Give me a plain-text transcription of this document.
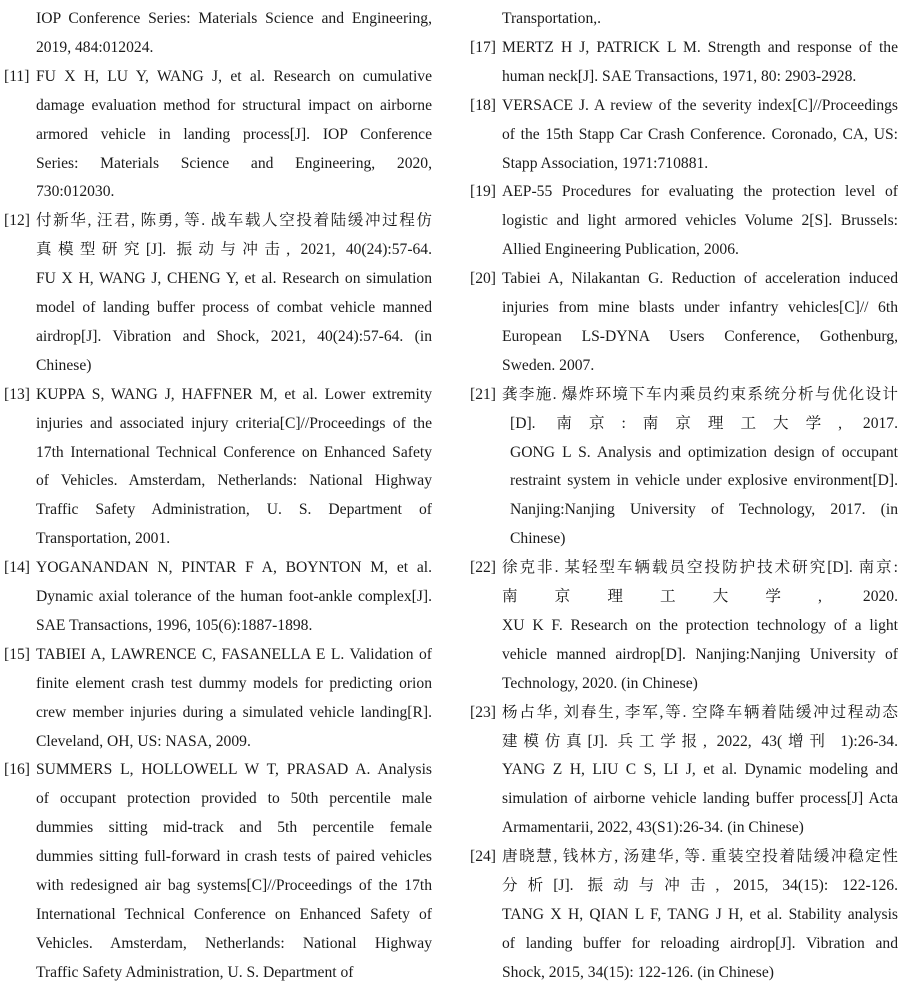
IOP Conference Series: Materials Science and Engineering,
2019, 484:012024.
[11] FU X H, LU Y, WANG J, et al. Research on cumulative
damage evaluation method for structural impact on airborne
armored vehicle in landing process[J]. IOP Conference
Series: Materials Science and Engineering, 2020,
730:012030.
[12] 付新华, 汪君, 陈勇, 等. 战车载人空投着陆缓冲过程仿
真模型研究[J]. 振动与冲击, 2021, 40(24):57-64.
FU X H, WANG J, CHENG Y, et al. Research on simulation
model of landing buffer process of combat vehicle manned
airdrop[J]. Vibration and Shock, 2021, 40(24):57-64. (in
Chinese)
[13] KUPPA S, WANG J, HAFFNER M, et al. Lower extremity
injuries and associated injury criteria[C]//Proceedings of the
17th International Technical Conference on Enhanced Safety
of Vehicles. Amsterdam, Netherlands: National Highway
Traffic Safety Administration, U. S. Department of
Transportation, 2001.
[14] YOGANANDAN N, PINTAR F A, BOYNTON M, et al.
Dynamic axial tolerance of the human foot-ankle complex[J].
SAE Transactions, 1996, 105(6):1887-1898.
[15] TABIEI A, LAWRENCE C, FASANELLA E L. Validation of
finite element crash test dummy models for predicting orion
crew member injuries during a simulated vehicle landing[R].
Cleveland, OH, US: NASA, 2009.
[16] SUMMERS L, HOLLOWELL W T, PRASAD A. Analysis
of occupant protection provided to 50th percentile male
dummies sitting mid-track and 5th percentile female
dummies sitting full-forward in crash tests of paired vehicles
with redesigned air bag systems[C]//Proceedings of the 17th
International Technical Conference on Enhanced Safety of
Vehicles. Amsterdam, Netherlands: National Highway
Traffic Safety Administration, U. S. Department of
Transportation,.
[17] MERTZ H J, PATRICK L M. Strength and response of the
human neck[J]. SAE Transactions, 1971, 80: 2903-2928.
[18] VERSACE J. A review of the severity index[C]//Proceedings
of the 15th Stapp Car Crash Conference. Coronado, CA, US:
Stapp Association, 1971:710881.
[19] AEP-55 Procedures for evaluating the protection level of
logistic and light armored vehicles Volume 2[S]. Brussels:
Allied Engineering Publication, 2006.
[20] Tabiei A, Nilakantan G. Reduction of acceleration induced
injuries from mine blasts under infantry vehicles[C]// 6th
European LS-DYNA Users Conference, Gothenburg,
Sweden. 2007.
[21] 龚李施. 爆炸环境下车内乘员约束系统分析与优化设计
[D]. 南京:南京理工大学, 2017.
GONG L S. Analysis and optimization design of occupant
restraint system in vehicle under explosive environment[D].
Nanjing:Nanjing University of Technology, 2017. (in
Chinese)
[22] 徐克非. 某轻型车辆载员空投防护技术研究[D]. 南京:
南京理工大学, 2020.
XU K F. Research on the protection technology of a light
vehicle manned airdrop[D]. Nanjing:Nanjing University of
Technology, 2020. (in Chinese)
[23] 杨占华, 刘春生, 李军,等. 空降车辆着陆缓冲过程动态
建模仿真[J]. 兵工学报, 2022, 43(增刊 1):26-34.
YANG Z H, LIU C S, LI J, et al. Dynamic modeling and
simulation of airborne vehicle landing buffer process[J] Acta
Armamentarii, 2022, 43(S1):26-34. (in Chinese)
[24] 唐晓慧, 钱林方, 汤建华, 等. 重装空投着陆缓冲稳定性
分析[J]. 振动与冲击, 2015, 34(15): 122-126.
TANG X H, QIAN L F, TANG J H, et al. Stability analysis
of landing buffer for reloading airdrop[J]. Vibration and
Shock, 2015, 34(15): 122-126. (in Chinese)
